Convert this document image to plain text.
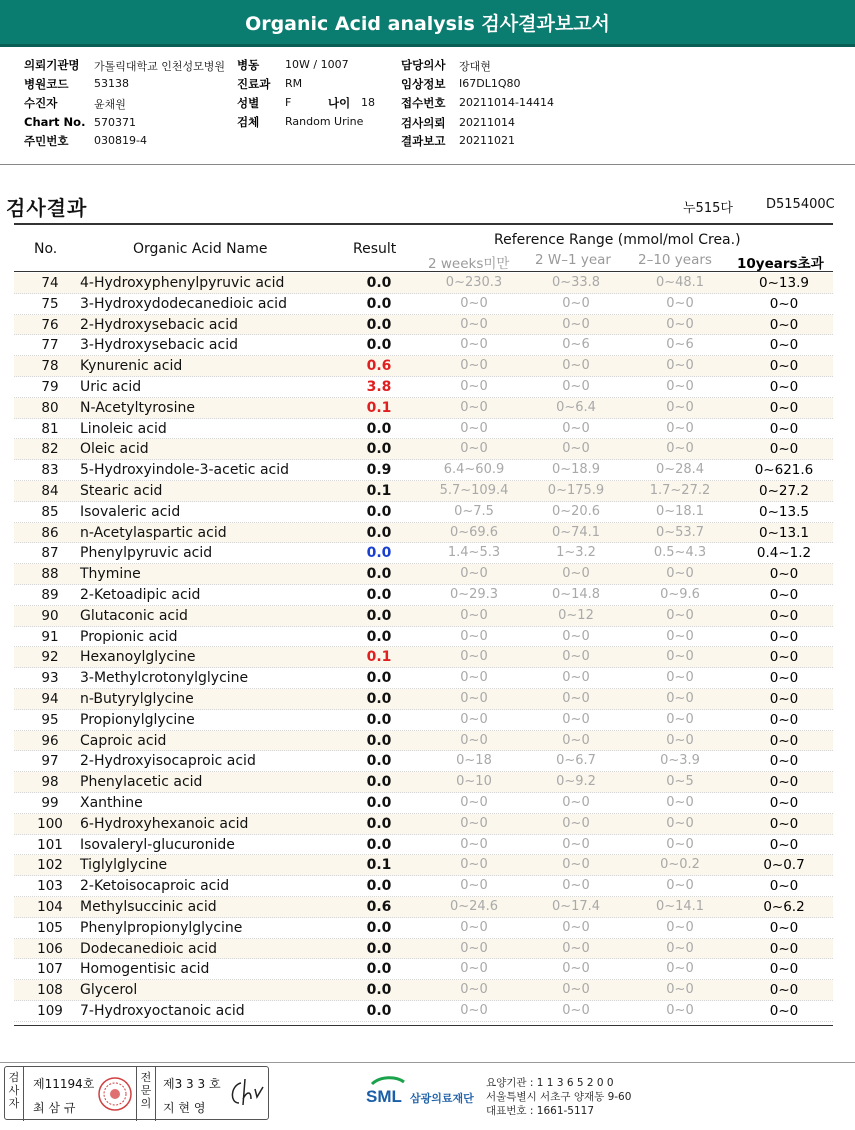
Organic Acid analysis 검사결과보고서
의뢰기관명 가톨릭대학교 인천성모병원 병동 10W / 1007	담당의사 장대현
병원코드 53138	진료과 RM	임상정보 I67DL1Q80
수진자	윤채원	성별 F	나이 18 접수번호 20211014-14414
Chart No. 570371	검체 Random Urine	검사의뢰 20211014
주민번호 030819-4	결과보고 20211021
검사결과	누515다	D515400C
No.	Organic Acid Name	Result
Reference Range (mmol/mol Crea.)
2 weeks미만 2 W–1 year 2–10 years 10years초과
74	4-Hydroxyphenylpyruvic acid	0.0	0~230.3	0~33.8	0~48.1	0~13.9
75	3-Hydroxydodecanedioic acid	0.0	0~0	0~0	0~0	0~0
76	2-Hydroxysebacic acid	0.0	0~0	0~0	0~0	0~0
77	3-Hydroxysebacic acid	0.0	0~0	0~6	0~6	0~0
78	Kynurenic acid	0.6	0~0	0~0	0~0	0~0
79	Uric acid	3.8	0~0	0~0	0~0	0~0
80	N-Acetyltyrosine	0.1	0~0	0~6.4	0~0	0~0
81	Linoleic acid	0.0	0~0	0~0	0~0	0~0
82	Oleic acid	0.0	0~0	0~0	0~0	0~0
83	5-Hydroxyindole-3-acetic acid	0.9	6.4~60.9	0~18.9	0~28.4	0~621.6
84	Stearic acid	0.1	5.7~109.4	0~175.9	1.7~27.2	0~27.2
85	Isovaleric acid	0.0	0~7.5	0~20.6	0~18.1	0~13.5
86	n-Acetylaspartic acid	0.0	0~69.6	0~74.1	0~53.7	0~13.1
87	Phenylpyruvic acid	0.0	1.4~5.3	1~3.2	0.5~4.3	0.4~1.2
88	Thymine	0.0	0~0	0~0	0~0	0~0
89	2-Ketoadipic acid	0.0	0~29.3	0~14.8	0~9.6	0~0
90	Glutaconic acid	0.0	0~0	0~12	0~0	0~0
91	Propionic acid	0.0	0~0	0~0	0~0	0~0
92	Hexanoylglycine	0.1	0~0	0~0	0~0	0~0
93	3-Methylcrotonylglycine	0.0	0~0	0~0	0~0	0~0
94	n-Butyrylglycine	0.0	0~0	0~0	0~0	0~0
95	Propionylglycine	0.0	0~0	0~0	0~0	0~0
96	Caproic acid	0.0	0~0	0~0	0~0	0~0
97	2-Hydroxyisocaproic acid	0.0	0~18	0~6.7	0~3.9	0~0
98	Phenylacetic acid	0.0	0~10	0~9.2	0~5	0~0
99	Xanthine	0.0	0~0	0~0	0~0	0~0
100	6-Hydroxyhexanoic acid	0.0	0~0	0~0	0~0	0~0
101	Isovaleryl-glucuronide	0.0	0~0	0~0	0~0	0~0
102	Tiglylglycine	0.1	0~0	0~0	0~0.2	0~0.7
103	2-Ketoisocaproic acid	0.0	0~0	0~0	0~0	0~0
104	Methylsuccinic acid	0.6	0~24.6	0~17.4	0~14.1	0~6.2
105	Phenylpropionylglycine	0.0	0~0	0~0	0~0	0~0
106	Dodecanedioic acid	0.0	0~0	0~0	0~0	0~0
107	Homogentisic acid	0.0	0~0	0~0	0~0	0~0
108	Glycerol	0.0	0~0	0~0	0~0	0~0
109	7-Hydroxyoctanoic acid	0.0	0~0	0~0	0~0	0~0
검사자
제11194호
최 삼 규
전문의
제3 3 3 호
지 현 영
SML 삼광의료재단
요양기관 : 1 1 3 6 5 2 0 0
서울특별시 서초구 양재동 9-60
대표번호 : 1661-5117
